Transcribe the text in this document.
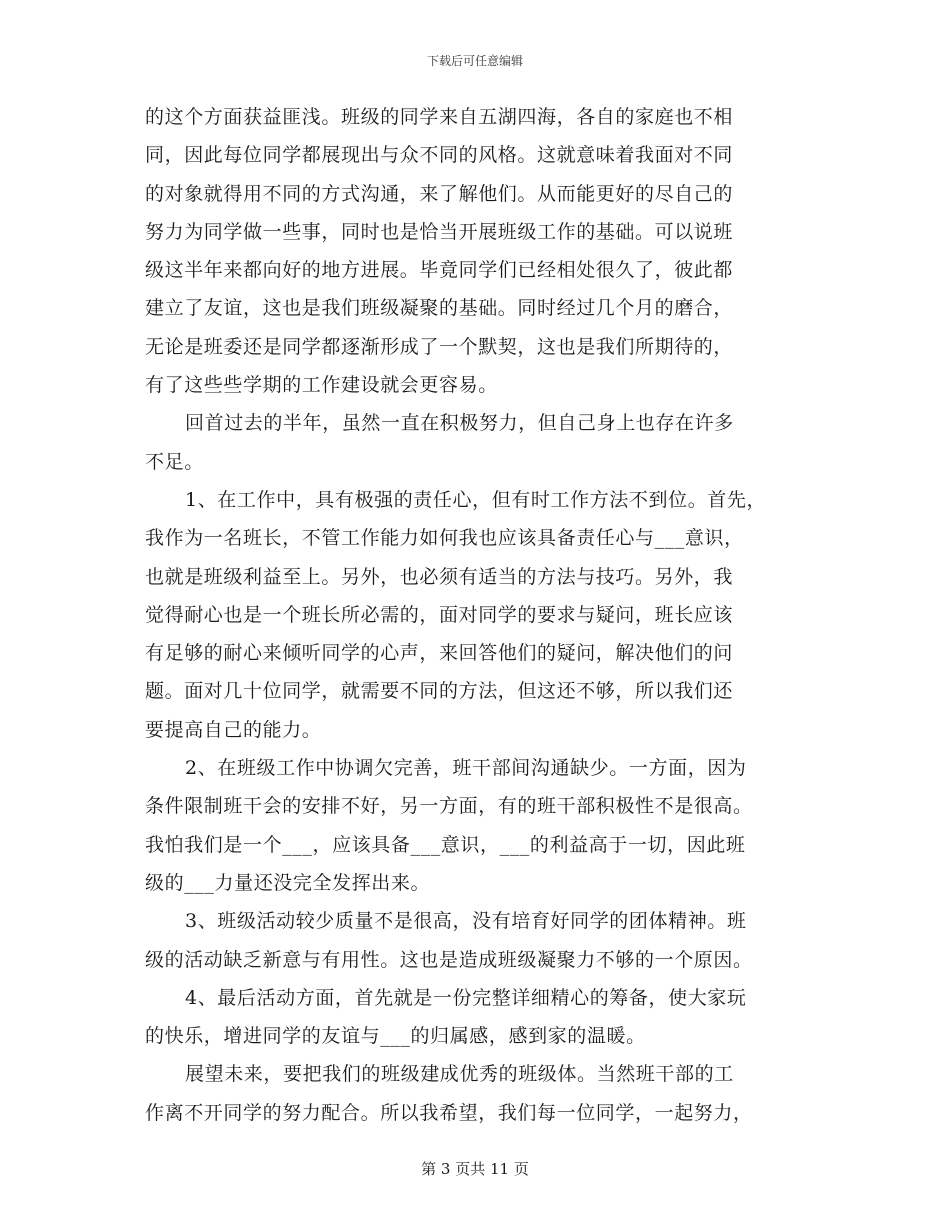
下载后可任意编辑
的这个方面获益匪浅。班级的同学来自五湖四海，各自的家庭也不相
同，因此每位同学都展现出与众不同的风格。这就意味着我面对不同
的对象就得用不同的方式沟通，来了解他们。从而能更好的尽自己的
努力为同学做一些事，同时也是恰当开展班级工作的基础。可以说班
级这半年来都向好的地方进展。毕竟同学们已经相处很久了，彼此都
建立了友谊，这也是我们班级凝聚的基础。同时经过几个月的磨合，
无论是班委还是同学都逐渐形成了一个默契，这也是我们所期待的，
有了这些些学期的工作建设就会更容易。
回首过去的半年，虽然一直在积极努力，但自己身上也存在许多
不足。
1、在工作中，具有极强的责任心，但有时工作方法不到位。首先，
我作为一名班长，不管工作能力如何我也应该具备责任心与___意识，
也就是班级利益至上。另外，也必须有适当的方法与技巧。另外，我
觉得耐心也是一个班长所必需的，面对同学的要求与疑问，班长应该
有足够的耐心来倾听同学的心声，来回答他们的疑问，解决他们的问
题。面对几十位同学，就需要不同的方法，但这还不够，所以我们还
要提高自己的能力。
2、在班级工作中协调欠完善，班干部间沟通缺少。一方面，因为
条件限制班干会的安排不好，另一方面，有的班干部积极性不是很高。
我怕我们是一个___，应该具备___意识，___的利益高于一切，因此班
级的___力量还没完全发挥出来。
3、班级活动较少质量不是很高，没有培育好同学的团体精神。班
级的活动缺乏新意与有用性。这也是造成班级凝聚力不够的一个原因。
4、最后活动方面，首先就是一份完整详细精心的筹备，使大家玩
的快乐，增进同学的友谊与___的归属感，感到家的温暖。
展望未来，要把我们的班级建成优秀的班级体。当然班干部的工
作离不开同学的努力配合。所以我希望，我们每一位同学，一起努力，
第 3 页共 11 页
